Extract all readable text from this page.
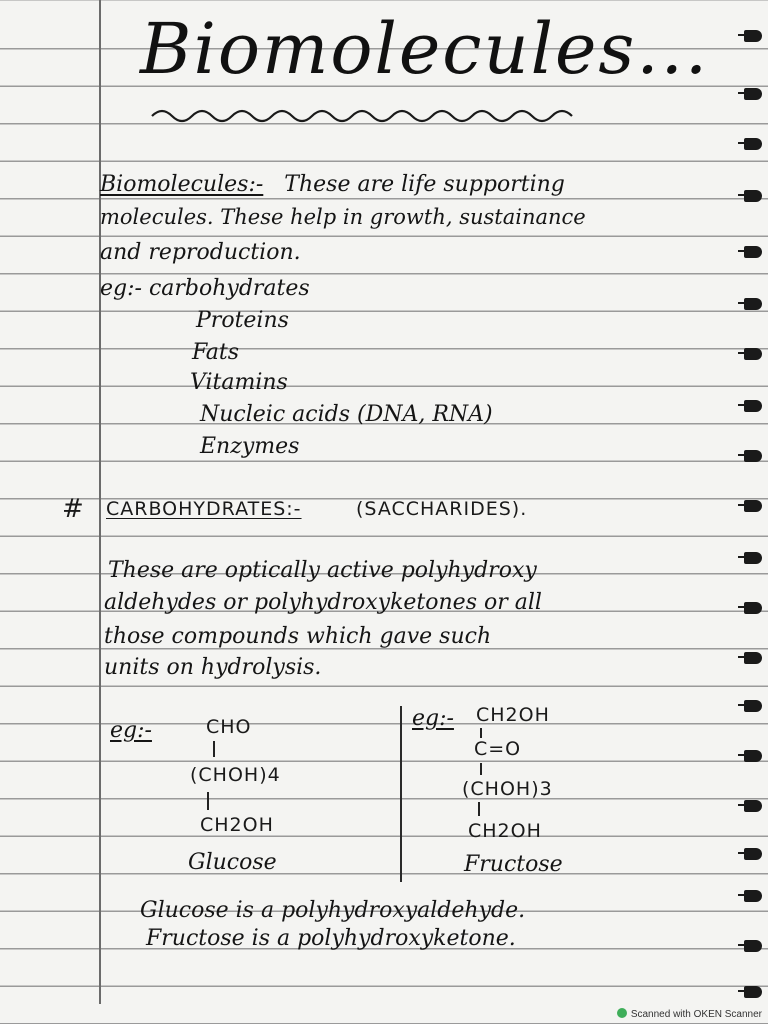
Biomolecules...
Biomolecules:- These are life supporting
molecules. These help in growth, sustainance
and reproduction.
eg:- carbohydrates
Proteins
Fats
Vitamins
Nucleic acids (DNA, RNA)
Enzymes
# CARBOHYDRATES:-	(SACCHARIDES).
These are optically active polyhydroxy
aldehydes or polyhydroxyketones or all
those compounds which gave such
units on hydrolysis.
eg:-	CHO
(CHOH)4
CH2OH
Glucose
eg:- CH2OH
C=O
(CHOH)3
CH2OH
Fructose
Glucose is a polyhydroxyaldehyde.
Fructose is a polyhydroxyketone.
Scanned with OKEN Scanner
